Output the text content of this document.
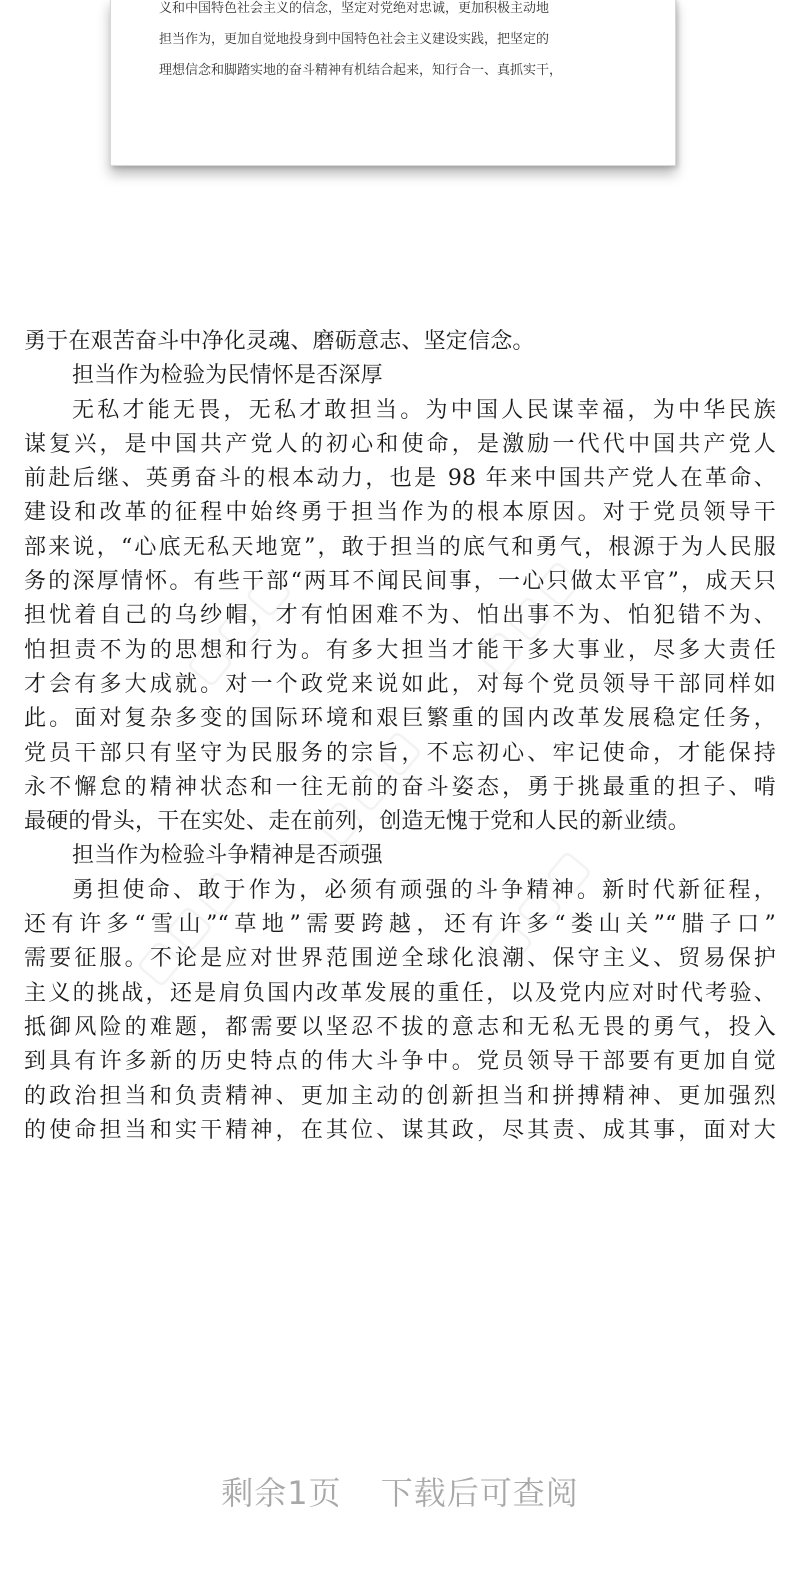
义和中国特色社会主义的信念，坚定对党绝对忠诚，更加积极主动地
担当作为，更加自觉地投身到中国特色社会主义建设实践，把坚定的
理想信念和脚踏实地的奋斗精神有机结合起来，知行合一、真抓实干，
▢▢▢	▢▢▢
▢▢▢
▢▢▢	▢▢▢
勇于在艰苦奋斗中净化灵魂、磨砺意志、坚定信念。
担当作为检验为民情怀是否深厚
无私才能无畏，无私才敢担当。为中国人民谋幸福，为中华民族
谋复兴，是中国共产党人的初心和使命，是激励一代代中国共产党人
前赴后继、英勇奋斗的根本动力，也是 98 年来中国共产党人在革命、
建设和改革的征程中始终勇于担当作为的根本原因。对于党员领导干
部来说，“心底无私天地宽”，敢于担当的底气和勇气，根源于为人民服
务的深厚情怀。有些干部“两耳不闻民间事，一心只做太平官”，成天只
担忧着自己的乌纱帽，才有怕困难不为、怕出事不为、怕犯错不为、
怕担责不为的思想和行为。有多大担当才能干多大事业，尽多大责任
才会有多大成就。对一个政党来说如此，对每个党员领导干部同样如
此。面对复杂多变的国际环境和艰巨繁重的国内改革发展稳定任务，
党员干部只有坚守为民服务的宗旨，不忘初心、牢记使命，才能保持
永不懈怠的精神状态和一往无前的奋斗姿态，勇于挑最重的担子、啃
最硬的骨头，干在实处、走在前列，创造无愧于党和人民的新业绩。
担当作为检验斗争精神是否顽强
勇担使命、敢于作为，必须有顽强的斗争精神。新时代新征程，
还有许多“雪山”“草地”需要跨越，还有许多“娄山关”“腊子口”
需要征服。不论是应对世界范围逆全球化浪潮、保守主义、贸易保护
主义的挑战，还是肩负国内改革发展的重任，以及党内应对时代考验、
抵御风险的难题，都需要以坚忍不拔的意志和无私无畏的勇气，投入
到具有许多新的历史特点的伟大斗争中。党员领导干部要有更加自觉
的政治担当和负责精神、更加主动的创新担当和拼搏精神、更加强烈
的使命担当和实干精神，在其位、谋其政，尽其责、成其事，面对大
剩余1页 下载后可查阅
